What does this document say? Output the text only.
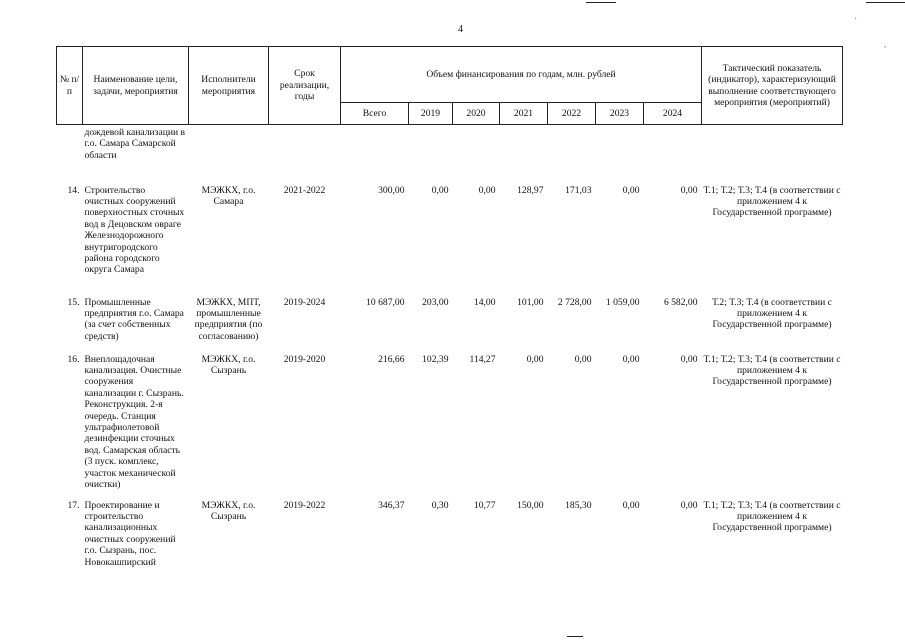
4
'
,
№ п/п	Наименование цели, задачи, мероприятия	Исполнители мероприятия	Срок реализации, годы	Объем финансирования по годам, млн. рублей							Тактический показатель (индикатор), характеризующий выполнение соответствующего мероприятия (мероприятий)
				Всего	2019	2020	2021	2022	2023	2024	
	дождевой канализации в г.о. Самара Самарской области										
14.	Строительство очистных сооружений поверхностных сточных вод в Децовском овраге Железнодорожного внутригородского района городского округа Самара	МЭЖКХ, г.о. Самара	2021-2022	300,00	0,00	0,00	128,97	171,03	0,00	0,00	Т.1; Т.2; Т.3; Т.4 (в соответствии с приложением 4 к Государственной программе)
15.	Промышленные предприятия г.о. Самара (за счет собственных средств)	МЭЖКХ, МПТ, промышленные предприятия (по согласованию)	2019-2024	10 687,00	203,00	14,00	101,00	2 728,00	1 059,00	6 582,00	Т.2; Т.3; Т.4 (в соответствии с приложением 4 к Государственной программе)
16.	Внеплощадочная канализация. Очистные сооружения канализации г. Сызрань. Реконструкция. 2-я очередь. Станция ультрафиолетовой дезинфекции сточных вод. Самарская область (3 пуск. комплекс, участок механической очистки)	МЭЖКХ, г.о. Сызрань	2019-2020	216,66	102,39	114,27	0,00	0,00	0,00	0,00	Т.1; Т.2; Т.3; Т.4 (в соответствии с приложением 4 к Государственной программе)
17.	Проектирование и строительство канализационных очистных сооружений г.о. Сызрань, пос. Новокашпирский	МЭЖКХ, г.о. Сызрань	2019-2022	346,37	0,30	10,77	150,00	185,30	0,00	0,00	Т.1; Т.2; Т.3; Т.4 (в соответствии с приложением 4 к Государственной программе)
